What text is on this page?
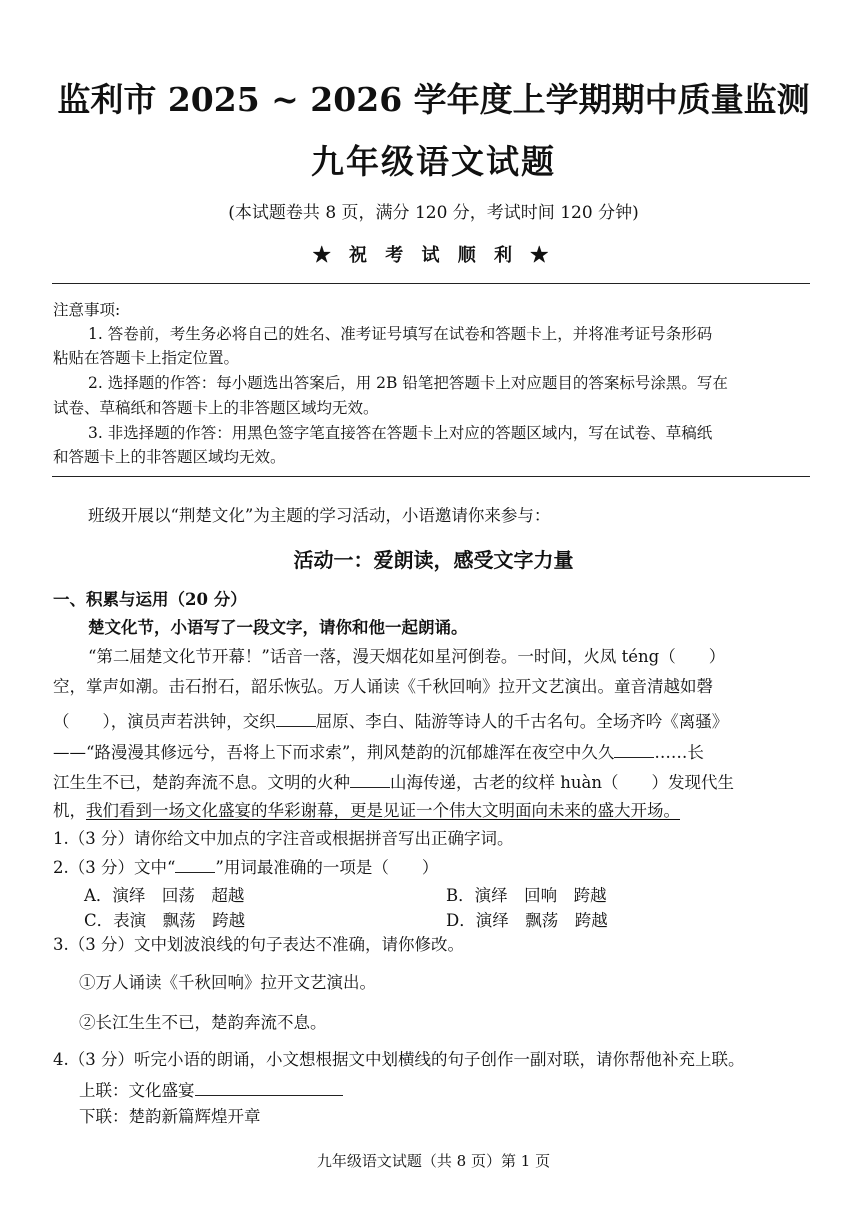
监利市 2025 ~ 2026 学年度上学期期中质量监测
九年级语文试题
(本试题卷共 8 页，满分 120 分，考试时间 120 分钟)
★ 祝 考 试 顺 利 ★
注意事项:
1. 答卷前，考生务必将自己的姓名、准考证号填写在试卷和答题卡上，并将准考证号条形码
粘贴在答题卡上指定位置。
2. 选择题的作答：每小题选出答案后，用 2B 铅笔把答题卡上对应题目的答案标号涂黑。写在
试卷、草稿纸和答题卡上的非答题区域均无效。
3. 非选择题的作答：用黑色签字笔直接答在答题卡上对应的答题区域内，写在试卷、草稿纸
和答题卡上的非答题区域均无效。
班级开展以“荆楚文化”为主题的学习活动，小语邀请你来参与：
活动一：爱朗读，感受文字力量
一、积累与运用（20 分）
楚文化节，小语写了一段文字，请你和他一起朗诵。
“第二届楚文化节开幕！”话音一落，漫天烟花如星河倒卷。一时间，火凤 téng（　　）
空，掌声如潮。击石拊石，韶乐恢弘。万人诵读《千秋回响》拉开文艺演出。童音清越如磬
（　　），演员声若洪钟，交织 屈原、李白、陆游等诗人的千古名句。全场齐吟《离骚》
——“路漫漫其修远兮，吾将上下而求索”，荆风楚韵的沉郁雄浑在夜空中久久 ……长
江生生不已，楚韵奔流不息。文明的火种 山海传递，古老的纹样 huàn（　　）发现代生
机，我们看到一场文化盛宴的华彩谢幕，更是见证一个伟大文明面向未来的盛大开场。
1.（3 分）请你给文中加点的字注音或根据拼音写出正确字词。
2.（3 分）文中“ ”用词最准确的一项是（　　）
A．演绎　回荡　超越	B．演绎　回响　跨越
C．表演　飘荡　跨越	D．演绎　飘荡　跨越
3.（3 分）文中划波浪线的句子表达不准确，请你修改。
①万人诵读《千秋回响》拉开文艺演出。
②长江生生不已，楚韵奔流不息。
4.（3 分）听完小语的朗诵，小文想根据文中划横线的句子创作一副对联，请你帮他补充上联。
上联：文化盛宴
下联：楚韵新篇辉煌开章
九年级语文试题（共 8 页）第 1 页
